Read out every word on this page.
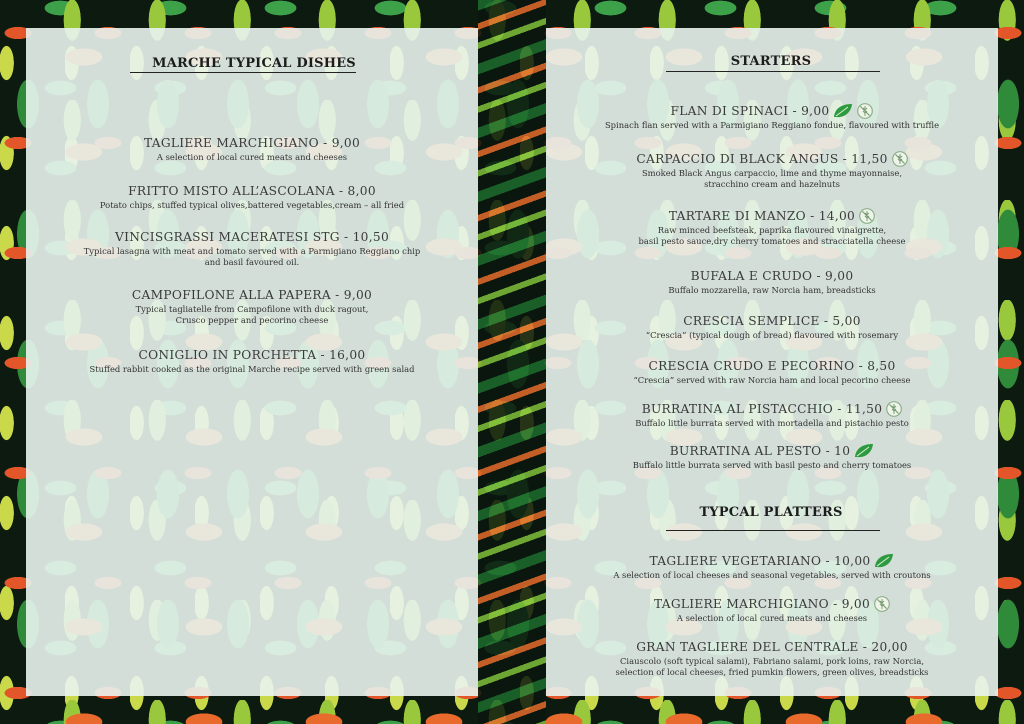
MARCHE TYPICAL DISHES
TAGLIERE MARCHIGIANO - 9,00
A selection of local cured meats and cheeses
FRITTO MISTO ALL’ASCOLANA - 8,00
Potato chips, stuffed typical olives,battered vegetables,cream – all fried
VINCISGRASSI MACERATESI STG - 10,50
Typical lasagna with meat and tomato served with a Parmigiano Reggiano chip
and basil favoured oil.
CAMPOFILONE ALLA PAPERA - 9,00
Typical tagliatelle from Campofilone with duck ragout,
Crusco pepper and pecorino cheese
CONIGLIO IN PORCHETTA - 16,00
Stuffed rabbit cooked as the original Marche recipe served with green salad
STARTERS
FLAN DI SPINACI - 9,00
Spinach flan served with a Parmigiano Reggiano fondue, flavoured with truffle
CARPACCIO DI BLACK ANGUS - 11,50
Smoked Black Angus carpaccio, lime and thyme mayonnaise,
stracchino cream and hazelnuts
TARTARE DI MANZO - 14,00
Raw minced beefsteak, paprika flavoured vinaigrette,
basil pesto sauce,dry cherry tomatoes and stracciatella cheese
BUFALA E CRUDO - 9,00
Buffalo mozzarella, raw Norcia ham, breadsticks
CRESCIA SEMPLICE - 5,00
“Crescia” (typical dough of bread) flavoured with rosemary
CRESCIA CRUDO E PECORINO - 8,50
“Crescia” served with raw Norcia ham and local pecorino cheese
BURRATINA AL PISTACCHIO - 11,50
Buffalo little burrata served with mortadella and pistachio pesto
BURRATINA AL PESTO - 10
Buffalo little burrata served with basil pesto and cherry tomatoes
TYPCAL PLATTERS
TAGLIERE VEGETARIANO - 10,00
A selection of local cheeses and seasonal vegetables, served with croutons
TAGLIERE MARCHIGIANO - 9,00
A selection of local cured meats and cheeses
GRAN TAGLIERE DEL CENTRALE - 20,00
Ciauscolo (soft typical salami), Fabriano salami, pork loins, raw Norcia,
selection of local cheeses, fried pumkin flowers, green olives, breadsticks
